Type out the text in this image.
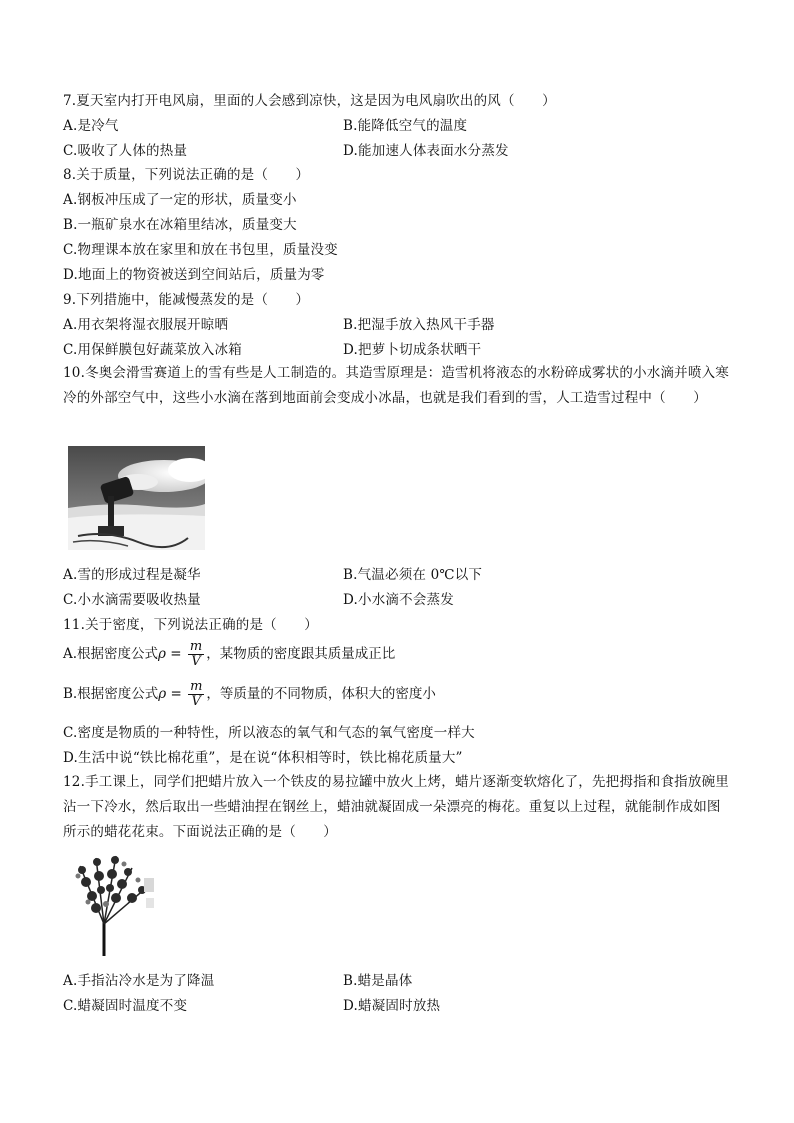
7.夏天室内打开电风扇，里面的人会感到凉快，这是因为电风扇吹出的风（　　）
A.是冷气	B.能降低空气的温度
C.吸收了人体的热量	D.能加速人体表面水分蒸发
8.关于质量，下列说法正确的是（　　）
A.钢板冲压成了一定的形状，质量变小
B.一瓶矿泉水在冰箱里结冰，质量变大
C.物理课本放在家里和放在书包里，质量没变
D.地面上的物资被送到空间站后，质量为零
9.下列措施中，能减慢蒸发的是（　　）
A.用衣架将湿衣服展开晾晒	B.把湿手放入热风干手器
C.用保鲜膜包好蔬菜放入冰箱	D.把萝卜切成条状晒干
10.冬奥会滑雪赛道上的雪有些是人工制造的。其造雪原理是：造雪机将液态的水粉碎成雾状的小水滴并喷入寒冷的外部空气中，这些小水滴在落到地面前会变成小冰晶，也就是我们看到的雪，人工造雪过程中（　　）
A.雪的形成过程是凝华	B.气温必须在 0℃以下
C.小水滴需要吸收热量	D.小水滴不会蒸发
11.关于密度，下列说法正确的是（　　）
A.根据密度公式$\rho = \frac{m}{V}$ ，某物质的密度跟其质量成正比
B.根据密度公式$\rho = \frac{m}{V}$ ，等质量的不同物质，体积大的密度小
C.密度是物质的一种特性，所以液态的氧气和气态的氧气密度一样大
D.生活中说“铁比棉花重”，是在说“体积相等时，铁比棉花质量大”
12.手工课上，同学们把蜡片放入一个铁皮的易拉罐中放火上烤，蜡片逐渐变软熔化了，先把拇指和食指放碗里沾一下冷水，然后取出一些蜡油捏在钢丝上，蜡油就凝固成一朵漂亮的梅花。重复以上过程，就能制作成如图所示的蜡花花束。下面说法正确的是（　　）
A.手指沾冷水是为了降温	B.蜡是晶体
C.蜡凝固时温度不变	D.蜡凝固时放热
